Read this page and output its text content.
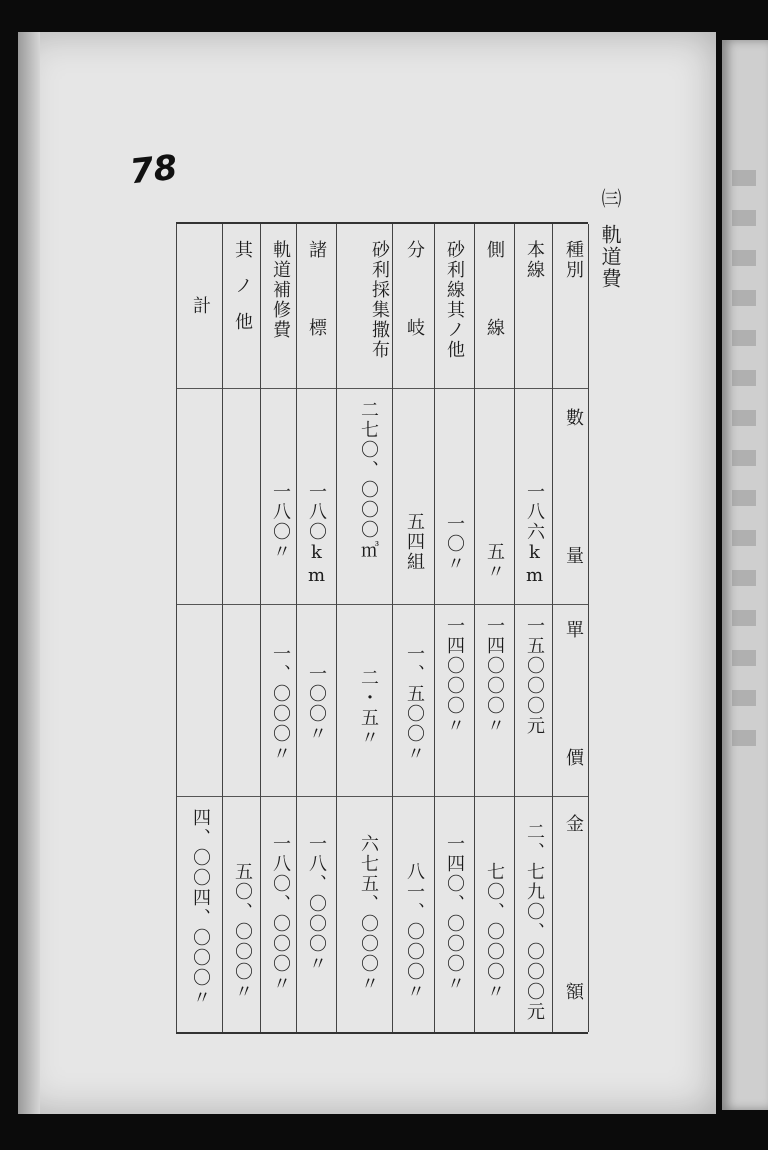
78
㈢軌道費
種別
數量
單價
金額
本線
一八六km
一五〇〇〇元
二、七九〇、〇〇〇元
側線
五〃
一四〇〇〇〃
七〇、〇〇〇〃
砂利線其ノ他
一〇〃
一四〇〇〇〃
一四〇、〇〇〇〃
分岐
五四組
一、五〇〇〃
八一、〇〇〇〃
砂利採集撒布
二七〇、〇〇〇㎥
二・五〃
六七五、〇〇〇〃
諸標
一八〇km
一〇〇〃
一八、〇〇〇〃
軌道補修費
一八〇〃
一、〇〇〇〃
一八〇、〇〇〇〃
其ノ他
五〇、〇〇〇〃
計
四、〇〇四、〇〇〇〃
